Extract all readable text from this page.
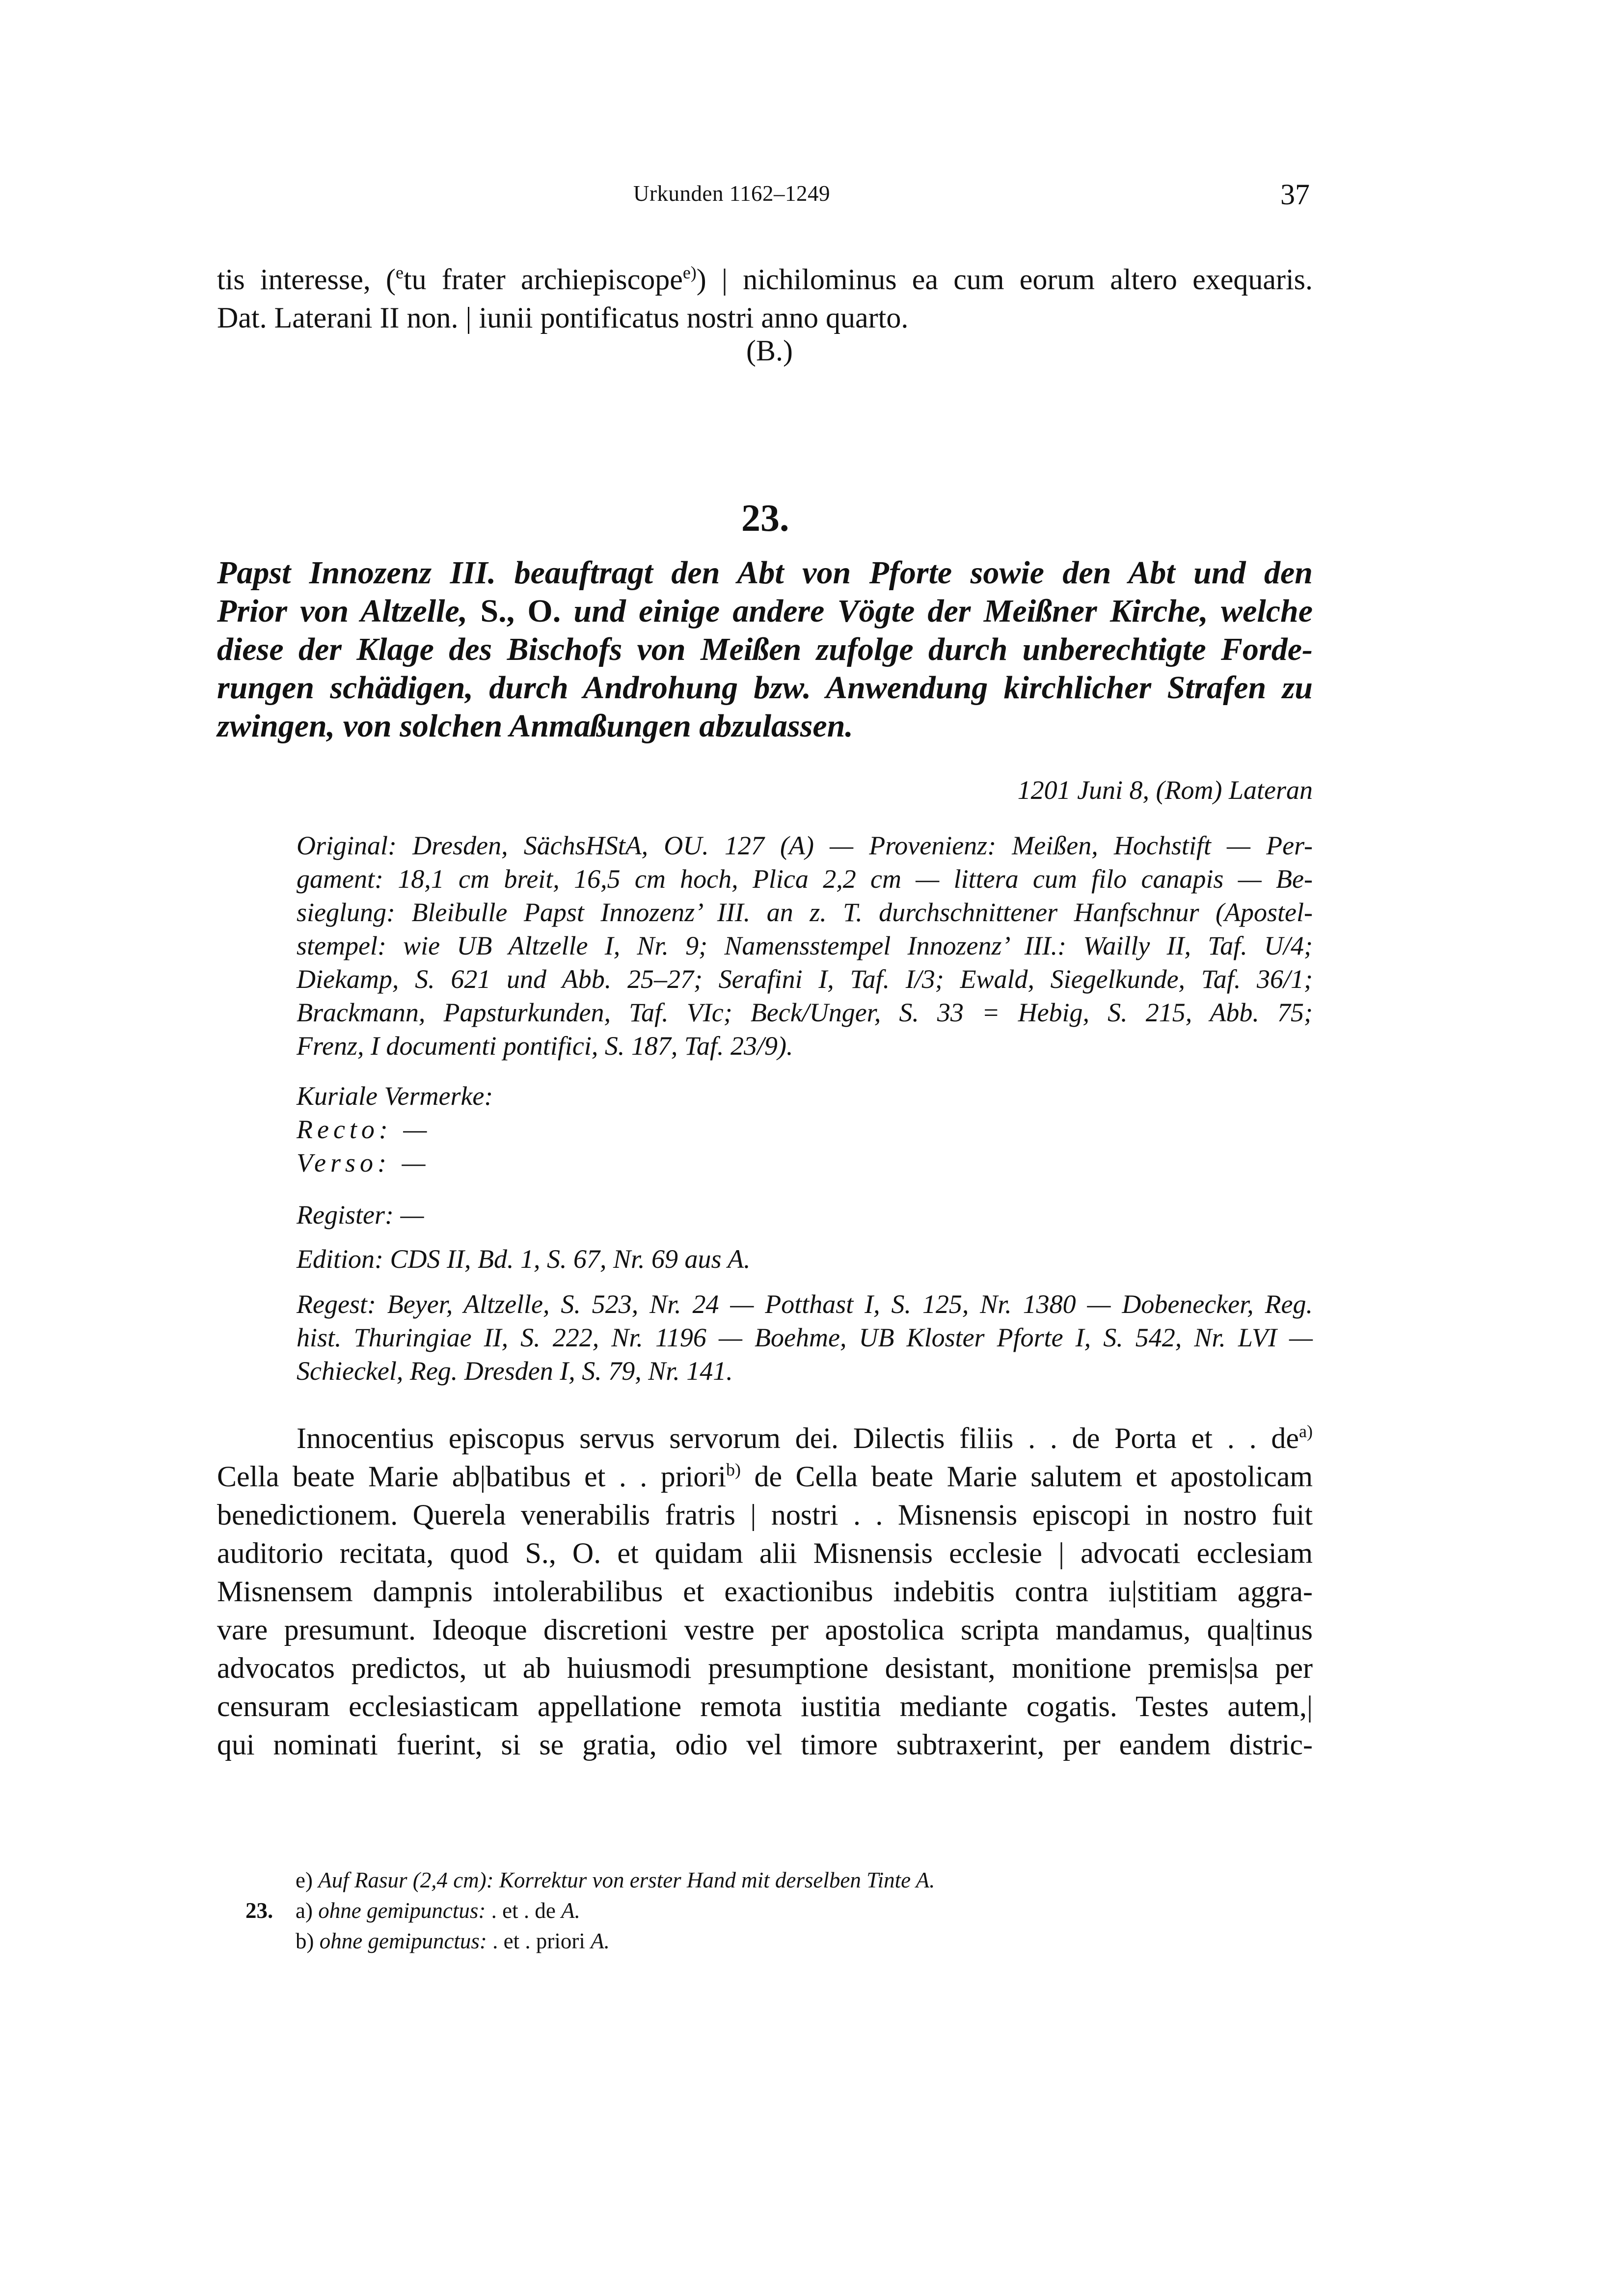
Urkunden 1162–1249	37
tis interesse, ($^e$tu frater archiepiscope$^{e)}$) | nichilominus ea cum eorum altero exequaris.
Dat. Laterani II non. | iunii pontificatus nostri anno quarto.
(B.)
23.
Papst Innozenz III. beauftragt den Abt von Pforte sowie den Abt und den
Prior von Altzelle, S., O. und einige andere Vögte der Meißner Kirche, welche
diese der Klage des Bischofs von Meißen zufolge durch unberechtigte Forde-
rungen schädigen, durch Androhung bzw. Anwendung kirchlicher Strafen zu
zwingen, von solchen Anmaßungen abzulassen.
1201 Juni 8, (Rom) Lateran
Original: Dresden, SächsHStA, OU. 127 (A) — Provenienz: Meißen, Hochstift — Per-
gament: 18,1 cm breit, 16,5 cm hoch, Plica 2,2 cm — littera cum filo canapis — Be-
sieglung: Bleibulle Papst Innozenz’ III. an z. T. durchschnittener Hanfschnur (Apostel-
stempel: wie UB Altzelle I, Nr. 9; Namensstempel Innozenz’ III.: Wailly II, Taf. U/4;
Diekamp, S. 621 und Abb. 25–27; Serafini I, Taf. I/3; Ewald, Siegelkunde, Taf. 36/1;
Brackmann, Papsturkunden, Taf. VIc; Beck/Unger, S. 33 = Hebig, S. 215, Abb. 75;
Frenz, I documenti pontifici, S. 187, Taf. 23/9).
Kuriale Vermerke:
Recto: —
Verso: —
Register: —
Edition: CDS II, Bd. 1, S. 67, Nr. 69 aus A.
Regest: Beyer, Altzelle, S. 523, Nr. 24 — Potthast I, S. 125, Nr. 1380 — Dobenecker, Reg.
hist. Thuringiae II, S. 222, Nr. 1196 — Boehme, UB Kloster Pforte I, S. 542, Nr. LVI —
Schieckel, Reg. Dresden I, S. 79, Nr. 141.
Innocentius episcopus servus servorum dei. Dilectis filiis . . de Porta et . . $de^{a)}$
Cella beate Marie ab|batibus et . . priori$^{b)}$ de Cella beate Marie salutem et apostolicam
benedictionem. Querela venerabilis fratris | nostri . . Misnensis episcopi in nostro fuit
auditorio recitata, quod S., O. et quidam alii Misnensis ecclesie | advocati ecclesiam
Misnensem dampnis intolerabilibus et exactionibus indebitis contra iu|stitiam aggra-
vare presumunt. Ideoque discretioni vestre per apostolica scripta mandamus, qua|tinus
advocatos predictos, ut ab huiusmodi presumptione desistant, monitione premis|sa per
censuram ecclesiasticam appellatione remota iustitia mediante cogatis. Testes autem,|
qui nominati fuerint, si se gratia, odio vel timore subtraxerint, per eandem distric-
e) Auf Rasur (2,4 cm): Korrektur von erster Hand mit derselben Tinte A.
23. a) ohne gemipunctus: . et . de A.
b) ohne gemipunctus: . et . priori A.
